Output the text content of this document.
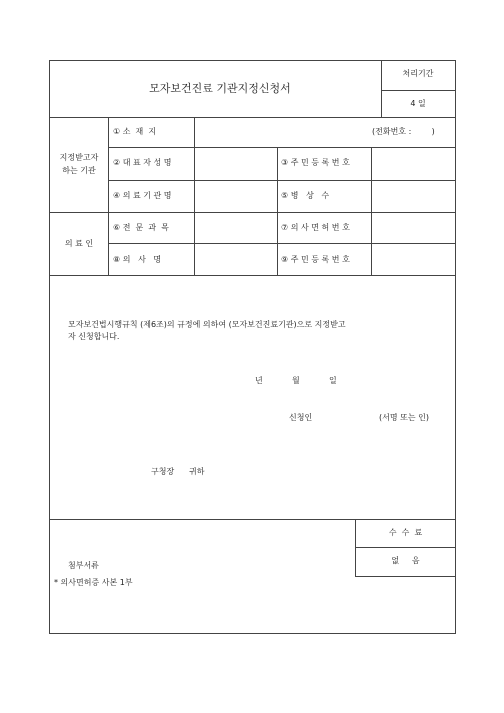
모자보건진료 기관지정신청서
처리기간
4 일
지정받고자
하는 기관
① 소  재  지	(전화번호 :        )
② 대 표 자 성 명	③ 주 민 등 록 번 호
④ 의 료 기 관 명	⑤ 병   상   수
의 료 인
⑥ 전  문  과  목	⑦ 의 사 면 허 번 호
⑧ 의   사   명	⑨ 주 민 등 록 번 호
모자보건법시행규칙 (제6조)의 규정에 의하여 (모자보건진료기관)으로 지정받고
자 신청합니다.
년	월	일
신청인	(서명 또는 인)
구청장 귀하
첨부서류
* 의사면허증 사본 1부
수  수  료
없     음
